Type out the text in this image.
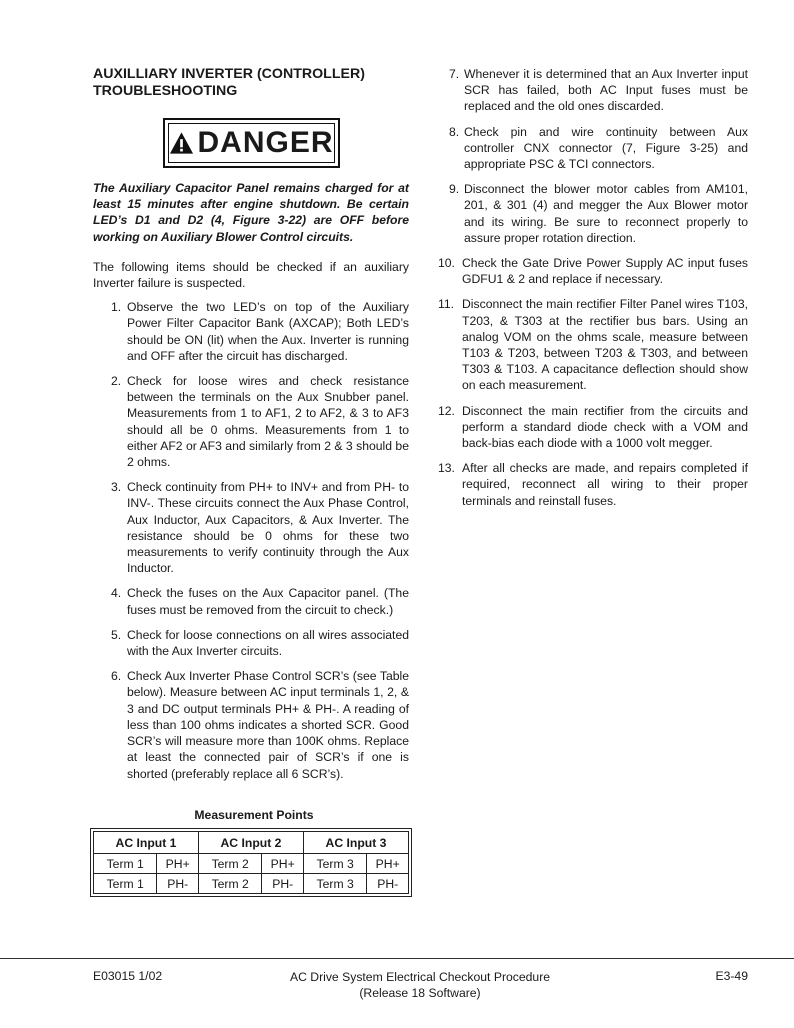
AUXILLIARY INVERTER (CONTROLLER)
TROUBLESHOOTING
DANGER

The Auxiliary Capacitor Panel remains charged for at least 15 minutes after engine shutdown. Be certain LED’s D1 and D2 (4, Figure 3-22) are OFF before working on Auxiliary Blower Control circuits.

The following items should be checked if an auxiliary Inverter failure is suspected.

1. Observe the two LED’s on top of the Auxiliary Power Filter Capacitor Bank (AXCAP); Both LED’s should be ON (lit) when the Aux. Inverter is running and OFF after the circuit has discharged.
2. Check for loose wires and check resistance between the terminals on the Aux Snubber panel. Measurements from 1 to AF1, 2 to AF2, & 3 to AF3 should all be 0 ohms. Measurements from 1 to either AF2 or AF3 and similarly from 2 & 3 should be 2 ohms.
3. Check continuity from PH+ to INV+ and from PH- to INV-. These circuits connect the Aux Phase Control, Aux Inductor, Aux Capacitors, & Aux Inverter. The resistance should be 0 ohms for these two measurements to verify continuity through the Aux Inductor.
4. Check the fuses on the Aux Capacitor panel. (The fuses must be removed from the circuit to check.)
5. Check for loose connections on all wires associated with the Aux Inverter circuits.
6. Check Aux Inverter Phase Control SCR’s (see Table below). Measure between AC input terminals 1, 2, & 3 and DC output terminals PH+ & PH-. A reading of less than 100 ohms indicates a shorted SCR. Good SCR’s will measure more than 100K ohms. Replace at least the connected pair of SCR’s if one is shorted (preferably replace all 6 SCR’s).
7. Whenever it is determined that an Aux Inverter input SCR has failed, both AC Input fuses must be replaced and the old ones discarded.
8. Check pin and wire continuity between Aux controller CNX connector (7, Figure 3-25) and appropriate PSC & TCI connectors.
9. Disconnect the blower motor cables from AM101, 201, & 301 (4) and megger the Aux Blower motor and its wiring. Be sure to reconnect properly to assure proper rotation direction.
10. Check the Gate Drive Power Supply AC input fuses GDFU1 & 2 and replace if necessary.
11. Disconnect the main rectifier Filter Panel wires T103, T203, & T303 at the rectifier bus bars. Using an analog VOM on the ohms scale, measure between T103 & T203, between T203 & T303, and between T303 & T103. A capacitance deflection should show on each measurement.
12. Disconnect the main rectifier from the circuits and perform a standard diode check with a VOM and back-bias each diode with a 1000 volt megger.
13. After all checks are made, and repairs completed if required, reconnect all wiring to their proper terminals and reinstall fuses.
Measurement Points
AC Input 1		AC Input 2		AC Input 3	
Term 1	PH+	Term 2	PH+	Term 3	PH+
Term 1	PH-	Term 2	PH-	Term 3	PH-
E03015 1/02	AC Drive System Electrical Checkout Procedure
(Release 18 Software)
E3-49
